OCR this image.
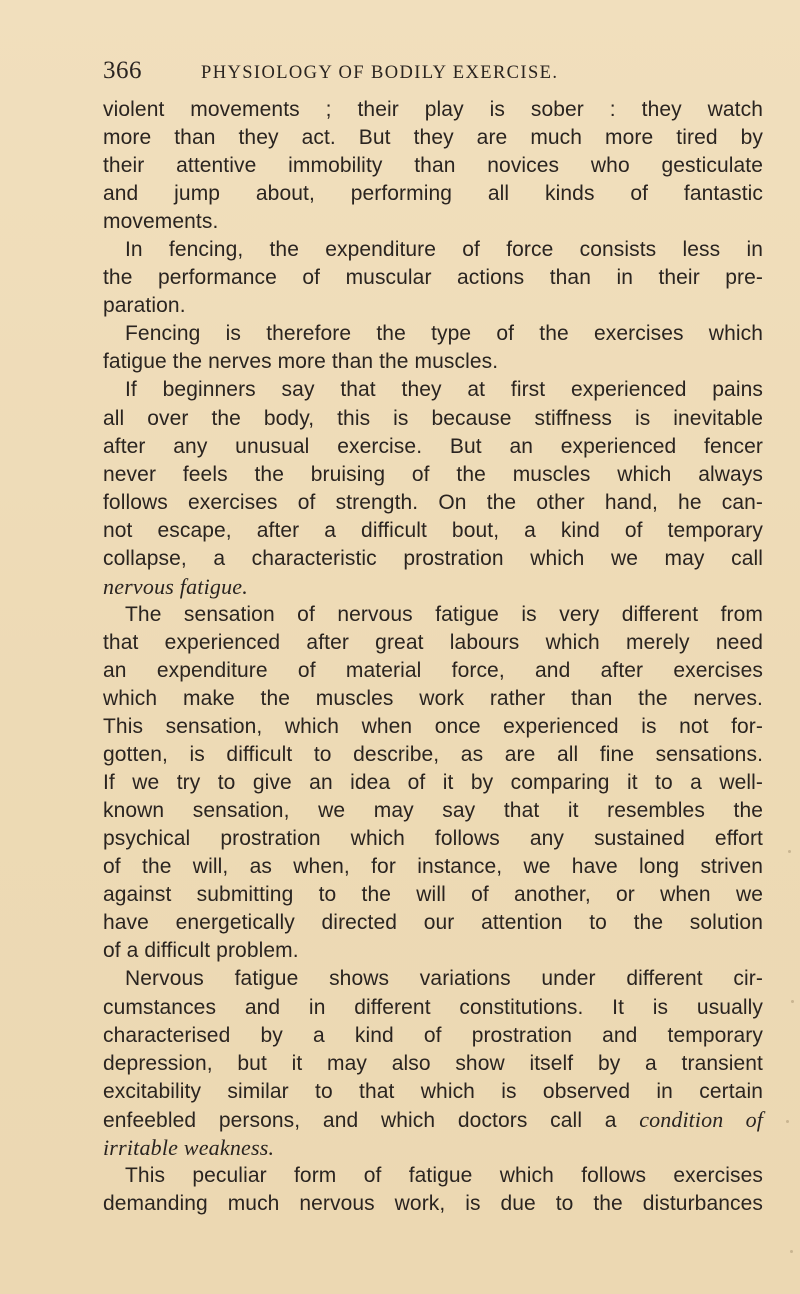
366	PHYSIOLOGY OF BODILY EXERCISE.
violent movements ; their play is sober : they watch
more than they act. But they are much more tired by
their attentive immobility than novices who gesticulate
and jump about, performing all kinds of fantastic
movements.
In fencing, the expenditure of force consists less in
the performance of muscular actions than in their pre-
paration.
Fencing is therefore the type of the exercises which
fatigue the nerves more than the muscles.
If beginners say that they at first experienced pains
all over the body, this is because stiffness is inevitable
after any unusual exercise. But an experienced fencer
never feels the bruising of the muscles which always
follows exercises of strength. On the other hand, he can-
not escape, after a difficult bout, a kind of temporary
collapse, a characteristic prostration which we may call
nervous fatigue.
The sensation of nervous fatigue is very different from
that experienced after great labours which merely need
an expenditure of material force, and after exercises
which make the muscles work rather than the nerves.
This sensation, which when once experienced is not for-
gotten, is difficult to describe, as are all fine sensations.
If we try to give an idea of it by comparing it to a well-
known sensation, we may say that it resembles the
psychical prostration which follows any sustained effort
of the will, as when, for instance, we have long striven
against submitting to the will of another, or when we
have energetically directed our attention to the solution
of a difficult problem.
Nervous fatigue shows variations under different cir-
cumstances and in different constitutions. It is usually
characterised by a kind of prostration and temporary
depression, but it may also show itself by a transient
excitability similar to that which is observed in certain
enfeebled persons, and which doctors call a condition of
irritable weakness.
This peculiar form of fatigue which follows exercises
demanding much nervous work, is due to the disturbances
